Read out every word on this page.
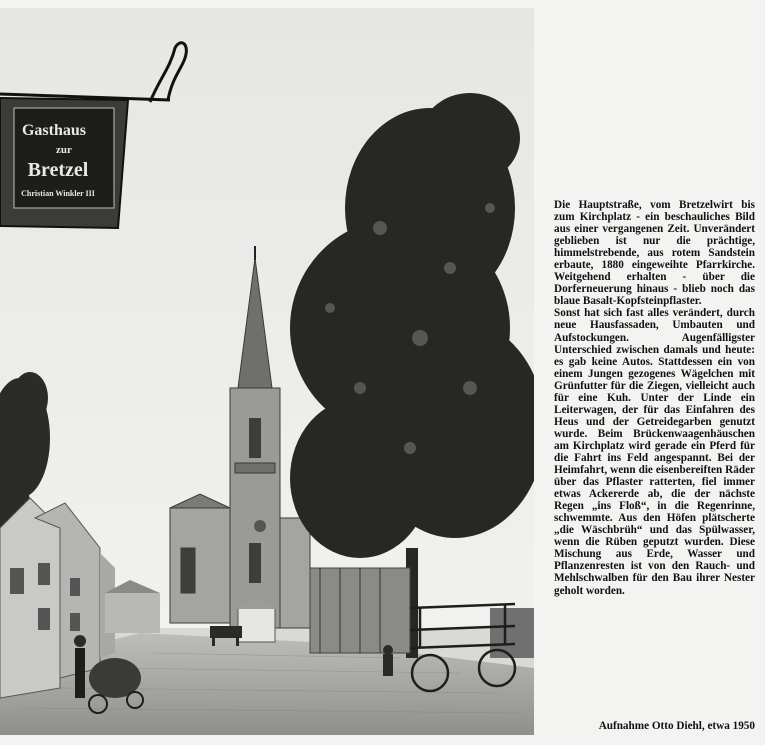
Gasthaus
zur
Bretzel
Christian Winkler III

Die Hauptstraße, vom Bretzelwirt bis zum Kirchplatz - ein beschauliches Bild aus einer vergangenen Zeit. Unverändert geblieben ist nur die prächtige, himmelstrebende, aus rotem Sandstein erbaute, 1880 eingeweihte Pfarrkirche. Weitgehend erhalten - über die Dorferneuerung hinaus - blieb noch das blaue Basalt-Kopfsteinpflaster.

Sonst hat sich fast alles verändert, durch neue Hausfassaden, Umbauten und Aufstockungen. Augenfälligster Unterschied zwischen damals und heute: es gab keine Autos. Stattdessen ein von einem Jungen gezogenes Wägelchen mit Grünfutter für die Ziegen, vielleicht auch für eine Kuh. Unter der Linde ein Leiterwagen, der für das Einfahren des Heus und der Getreidegarben genutzt wurde. Beim Brückenwaagenhäuschen am Kirchplatz wird gerade ein Pferd für die Fahrt ins Feld angespannt. Bei der Heimfahrt, wenn die eisenbereiften Räder über das Pflaster ratterten, fiel immer etwas Ackererde ab, die der nächste Regen „ins Floß“, in die Regenrinne, schwemmte. Aus den Höfen plätscherte „die Wäschbrüh“ und das Spülwasser, wenn die Rüben geputzt wurden. Diese Mischung aus Erde, Wasser und Pflanzenresten ist von den Rauch- und Mehlschwalben für den Bau ihrer Nester geholt worden.

Aufnahme Otto Diehl, etwa 1950
